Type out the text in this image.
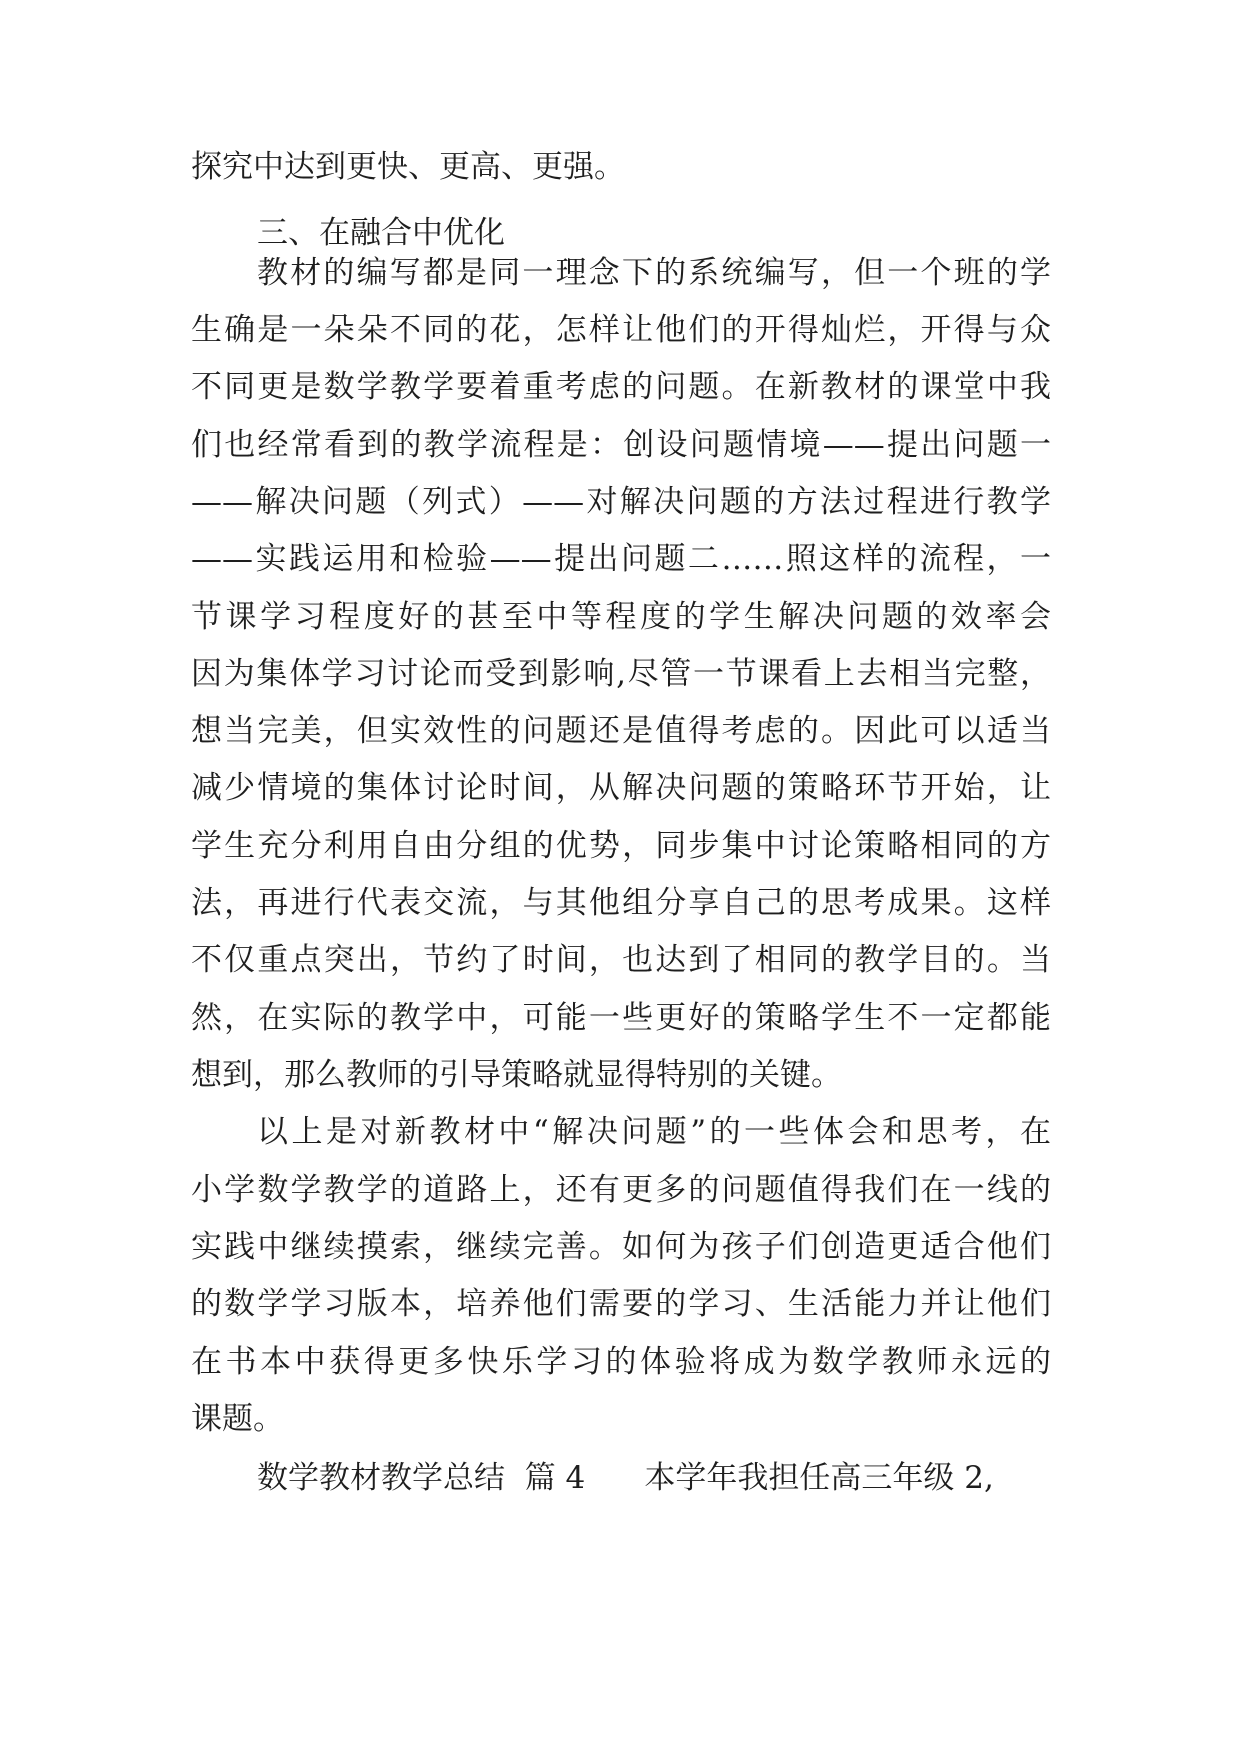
探究中达到更快、更高、更强。
三、在融合中优化
教材的编写都是同一理念下的系统编写，但一个班的学
生确是一朵朵不同的花，怎样让他们的开得灿烂，开得与众
不同更是数学教学要着重考虑的问题。在新教材的课堂中我
们也经常看到的教学流程是：创设问题情境——提出问题一
——解决问题（列式）——对解决问题的方法过程进行教学
——实践运用和检验——提出问题二……照这样的流程，一
节课学习程度好的甚至中等程度的学生解决问题的效率会
因为集体学习讨论而受到影响,尽管一节课看上去相当完整，
想当完美，但实效性的问题还是值得考虑的。因此可以适当
减少情境的集体讨论时间，从解决问题的策略环节开始，让
学生充分利用自由分组的优势，同步集中讨论策略相同的方
法，再进行代表交流，与其他组分享自己的思考成果。这样
不仅重点突出，节约了时间，也达到了相同的教学目的。当
然，在实际的教学中，可能一些更好的策略学生不一定都能
想到，那么教师的引导策略就显得特别的关键。
以上是对新教材中“解决问题”的一些体会和思考，在
小学数学教学的道路上，还有更多的问题值得我们在一线的
实践中继续摸索，继续完善。如何为孩子们创造更适合他们
的数学学习版本，培养他们需要的学习、生活能力并让他们
在书本中获得更多快乐学习的体验将成为数学教师永远的
课题。
数学教材教学总结  篇 4      本学年我担任高三年级 2,
